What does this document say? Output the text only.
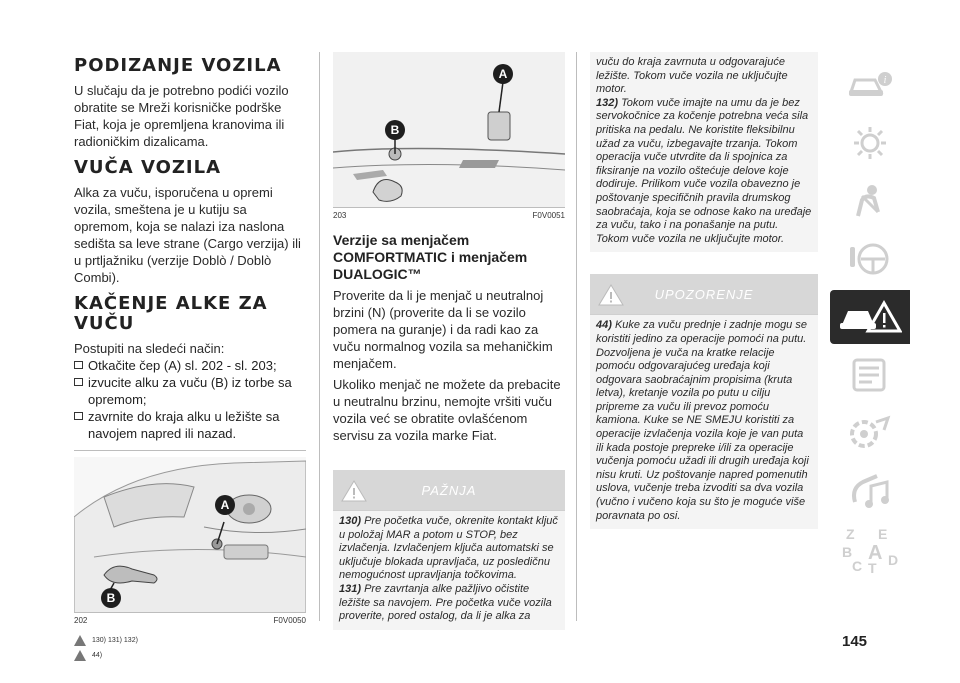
PODIZANJE VOZILA

U slučaju da je potrebno podići vozilo obratite se Mreži korisničke podrške Fiat, koja je opremljena kranovima ili radioničkim dizalicama.

VUČA VOZILA

Alka za vuču, isporučena u opremi vozila, smeštena je u kutiju sa opremom, koja se nalazi iza naslona sedišta sa leve strane (Cargo verzija) ili u prtljažniku (verzije Doblò / Doblò Combi).

KAČENJE ALKE ZA VUČU

Postupiti na sledeći način:

Otkačite čep (A) sl. 202 - sl. 203;
izvucite alku za vuču (B) iz torbe sa opremom;
zavrnite do kraja alku u ležište sa navojem napred ili nazad.
A
B
202	F0V0050
130) 131) 132)
44)
A
B
203	F0V0051
Verzije sa menjačem COMFORTMATIC i menjačem DUALOGIC™

Proverite da li je menjač u neutralnoj brzini (N) (proverite da li se vozilo pomera na guranje) i da radi kao za vuču normalnog vozila sa mehaničkim menjačem.

Ukoliko menjač ne možete da prebacite u neutralnu brzinu, nemojte vršiti vuču vozila već se obratite ovlašćenom servisu za vozila marke Fiat.

PAŽNJA

130) Pre početka vuče, okrenite kontakt ključ u položaj MAR a potom u STOP, bez izvlačenja. Izvlačenjem ključa automatski se uključuje blokada upravljača, uz posledičnu nemogućnost upravljanja točkovima.

131) Pre zavrtanja alke pažljivo očistite ležište sa navojem. Pre početka vuče vozila proverite, pored ostalog, da li je alka za

vuču do kraja zavrnuta u odgovarajuće ležište. Tokom vuče vozila ne uključujte motor.

132) Tokom vuče imajte na umu da je bez servokočnice za kočenje potrebna veća sila pritiska na pedalu. Ne koristite fleksibilnu užad za vuču, izbegavajte trzanja. Tokom operacija vuče utvrdite da li spojnica za fiksiranje na vozilo oštećuje delove koje dodiruje. Prilikom vuče vozila obavezno je poštovanje specifičnih pravila drumskog saobraćaja, koja se odnose kako na uređaje za vuču, tako i na ponašanje na putu. Tokom vuče vozila ne uključujte motor.

UPOZORENJE

44) Kuke za vuču prednje i zadnje mogu se koristiti jedino za operacije pomoći na putu. Dozvoljena je vuča na kratke relacije pomoću odgovarajućeg uređaja koji odgovara saobraćajnim propisima (kruta letva), kretanje vozila po putu u cilju pripreme za vuču ili prevoz pomoću kamiona. Kuke se NE SMEJU koristiti za operacije izvlačenja vozila koje je van puta ili kada postoje prepreke i/ili za operacije vučenja pomoću užadi ili drugih uređaja koji nisu kruti. Uz poštovanje napred pomenutih uslova, vučenje treba izvoditi sa dva vozila (vučno i vučeno koja su što je moguće više poravnata po osi.

i
Z E
B A
C T D
145
